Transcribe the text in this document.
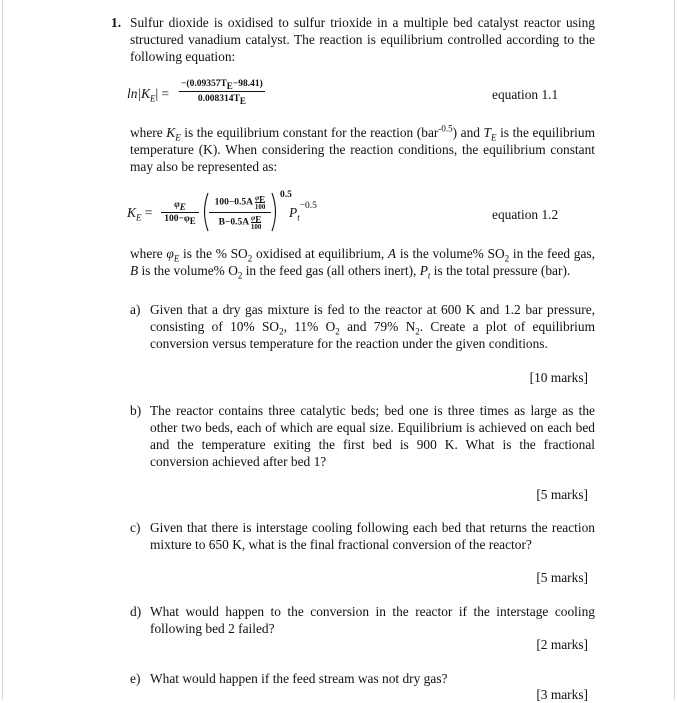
1. Sulfur dioxide is oxidised to sulfur trioxide in a multiple bed catalyst reactor using structured vanadium catalyst. The reaction is equilibrium controlled according to the following equation:
$\ln|K_E| = \frac{-(0.09357T_E-98.41)}{0.008314T_E}$	equation 1.1
where $K_E$ is the equilibrium constant for the reaction (bar$^{-0.5}$) and $T_E$ is the equilibrium temperature (K). When considering the reaction conditions, the equilibrium constant may also be represented as:
$K_E$ =	$\varphi_E$
$100-\varphi_E$
$100-0.5A \frac{\varphi_E}{100}$
$B-0.5A \frac{\varphi_E}{100}$
0.5
$P_t^{-0.5}$
equation 1.2
where $\varphi_E$ is the % $SO_2$ oxidised at equilibrium, A is the volume% $SO_2$ in the feed gas, B is the volume% $O_2$ in the feed gas (all others inert), $P_t$ is the total pressure (bar).
a) Given that a dry gas mixture is fed to the reactor at 600 K and 1.2 bar pressure, consisting of 10% $SO_2$, 11% $O_2$ and 79% $N_2$. Create a plot of equilibrium conversion versus temperature for the reaction under the given conditions.
[10 marks]
b) The reactor contains three catalytic beds; bed one is three times as large as the other two beds, each of which are equal size. Equilibrium is achieved on each bed and the temperature exiting the first bed is 900 K. What is the fractional conversion achieved after bed 1?
[5 marks]
c) Given that there is interstage cooling following each bed that returns the reaction mixture to 650 K, what is the final fractional conversion of the reactor?
[5 marks]
d) What would happen to the conversion in the reactor if the interstage cooling following bed 2 failed?
[2 marks]
e) What would happen if the feed stream was not dry gas?
[3 marks]
